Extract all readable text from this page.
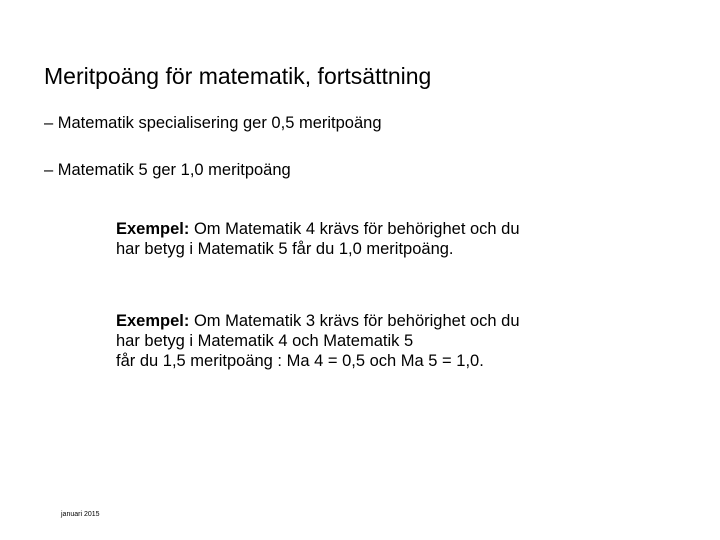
Meritpoäng för matematik, fortsättning
– Matematik specialisering ger 0,5 meritpoäng
– Matematik 5 ger 1,0 meritpoäng
Exempel: Om Matematik 4 krävs för behörighet och du
har betyg i Matematik 5 får du 1,0 meritpoäng.
Exempel: Om Matematik 3 krävs för behörighet och du
har betyg i Matematik 4 och Matematik 5
får du 1,5 meritpoäng : Ma 4 = 0,5 och Ma 5 = 1,0.
januari 2015
